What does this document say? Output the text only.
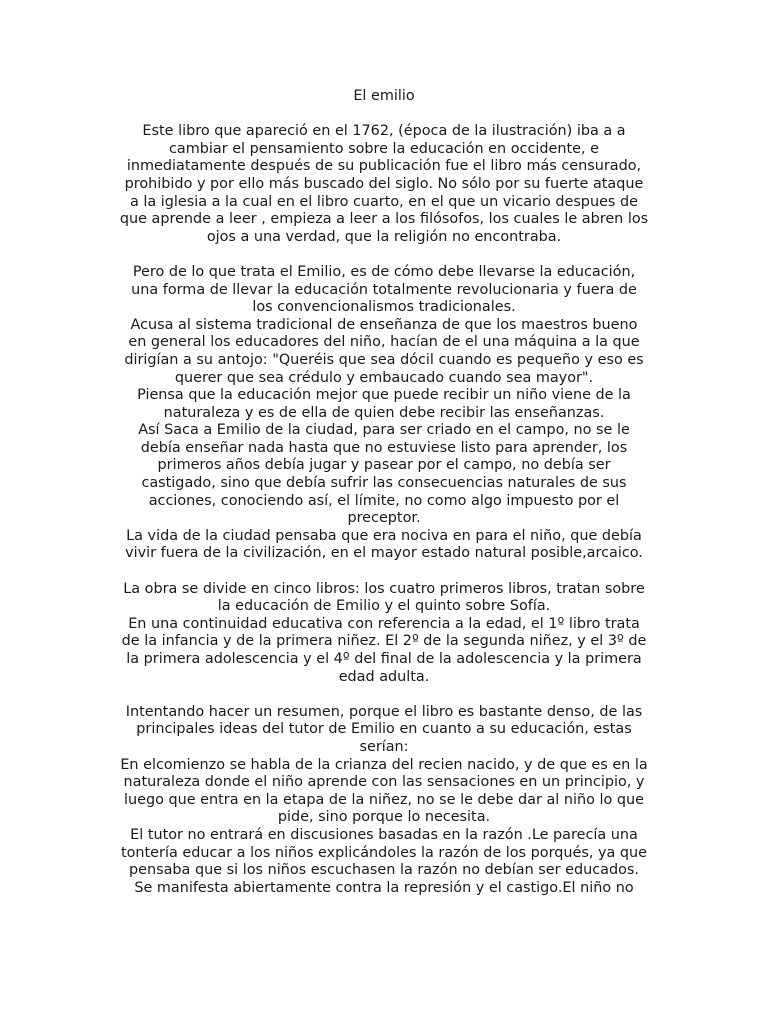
El emilio

Este libro que apareció en el 1762, (época de la ilustración) iba a a

cambiar el pensamiento sobre la educación en occidente, e

inmediatamente después de su publicación fue el libro más censurado,

prohibido y por ello más buscado del siglo. No sólo por su fuerte ataque

a la iglesia a la cual en el libro cuarto, en el que un vicario despues de

que aprende a leer , empieza a leer a los filósofos, los cuales le abren los

ojos a una verdad, que la religión no encontraba.

Pero de lo que trata el Emilio, es de cómo debe llevarse la educación,

una forma de llevar la educación totalmente revolucionaria y fuera de

los convencionalismos tradicionales.

Acusa al sistema tradicional de enseñanza de que los maestros bueno

en general los educadores del niño, hacían de el una máquina a la que

dirigían a su antojo: "Queréis que sea dócil cuando es pequeño y eso es

querer que sea crédulo y embaucado cuando sea mayor".

Piensa que la educación mejor que puede recibir un niño viene de la

naturaleza y es de ella de quien debe recibir las enseñanzas.

Así Saca a Emilio de la ciudad, para ser criado en el campo, no se le

debía enseñar nada hasta que no estuviese listo para aprender, los

primeros años debía jugar y pasear por el campo, no debía ser

castigado, sino que debía sufrir las consecuencias naturales de sus

acciones, conociendo así, el límite, no como algo impuesto por el

preceptor.

La vida de la ciudad pensaba que era nociva en para el niño, que debía

vivir fuera de la civilización, en el mayor estado natural posible,arcaico.

La obra se divide en cinco libros: los cuatro primeros libros, tratan sobre

la educación de Emilio y el quinto sobre Sofía.

En una continuidad educativa con referencia a la edad, el 1º libro trata

de la infancia y de la primera niñez. El 2º de la segunda niñez, y el 3º de

la primera adolescencia y el 4º del final de la adolescencia y la primera

edad adulta.

Intentando hacer un resumen, porque el libro es bastante denso, de las

principales ideas del tutor de Emilio en cuanto a su educación, estas

serían:

En elcomienzo se habla de la crianza del recien nacido, y de que es en la

naturaleza donde el niño aprende con las sensaciones en un principio, y

luego que entra en la etapa de la niñez, no se le debe dar al niño lo que

pide, sino porque lo necesita.

El tutor no entrará en discusiones basadas en la razón .Le parecía una

tontería educar a los niños explicándoles la razón de los porqués, ya que

pensaba que si los niños escuchasen la razón no debían ser educados.

Se manifesta abiertamente contra la represión y el castigo.El niño no
